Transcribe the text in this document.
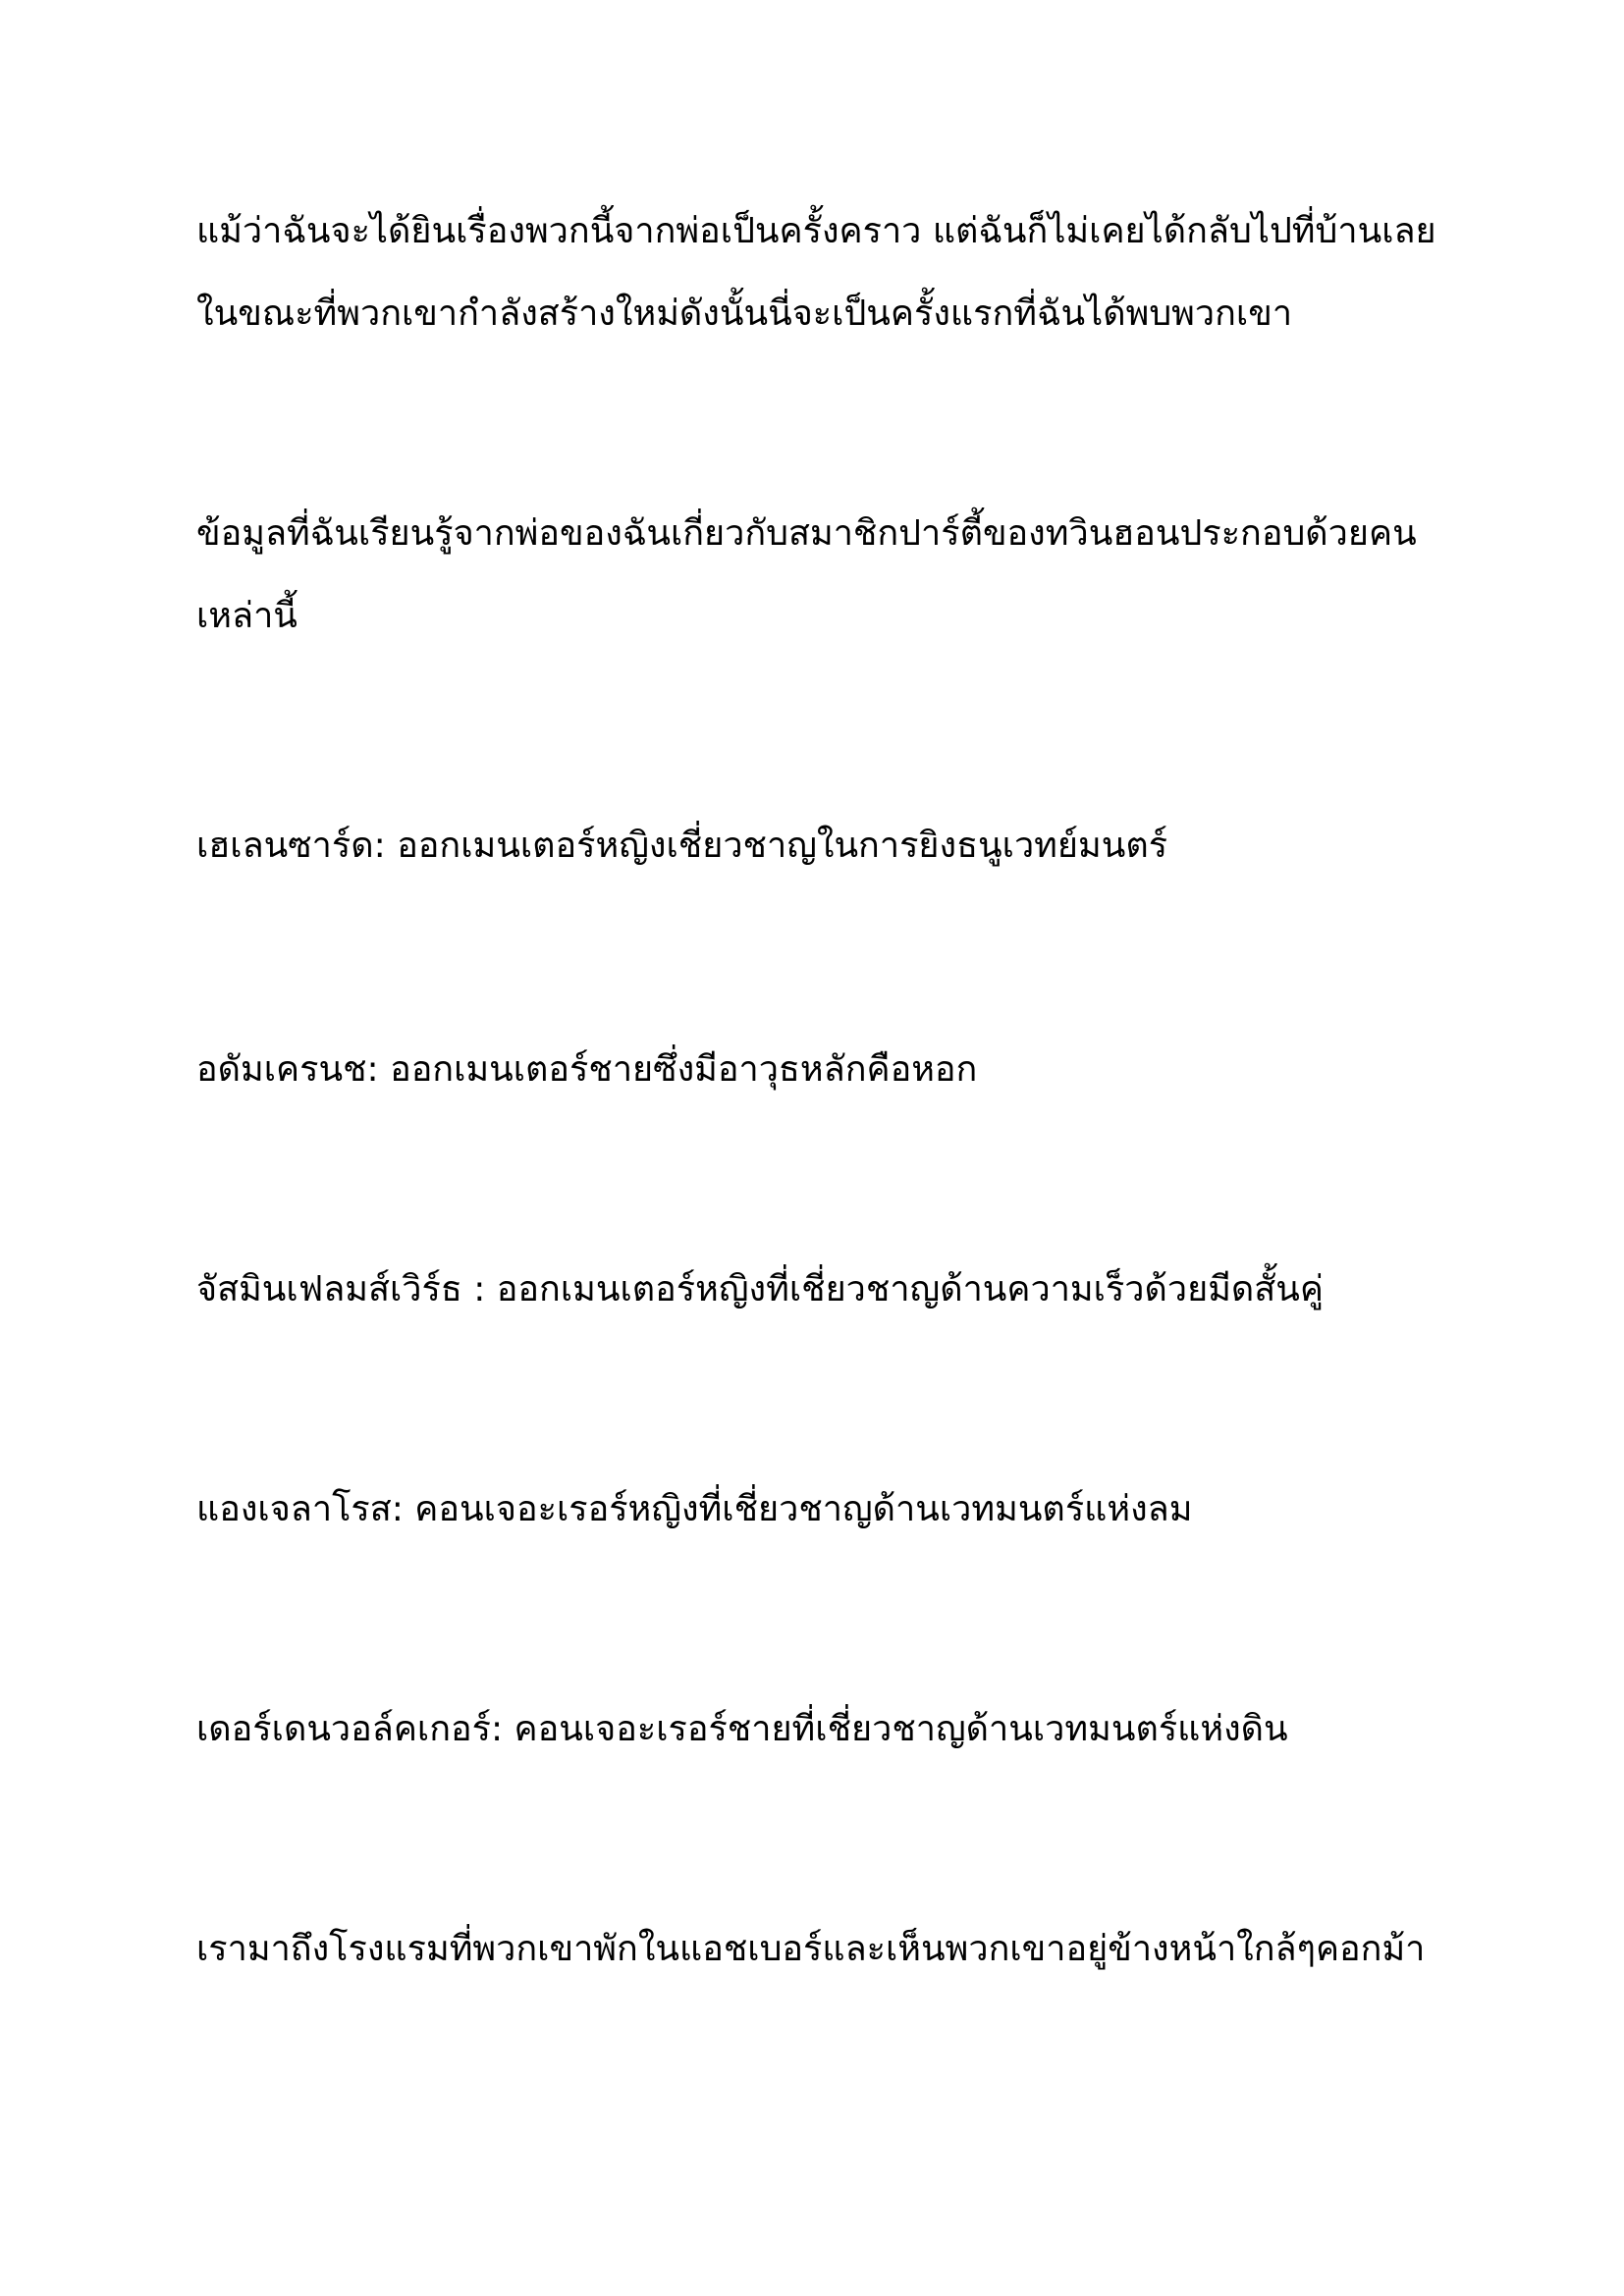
แม้ว่าฉันจะได้ยินเรื่องพวกนี้จากพ่อเป็นครั้งคราว แต่ฉันก็ไม่เคยได้กลับไปที่บ้านเลย
ในขณะที่พวกเขากำลังสร้างใหม่ดังนั้นนี่จะเป็นครั้งแรกที่ฉันได้พบพวกเขา

ข้อมูลที่ฉันเรียนรู้จากพ่อของฉันเกี่ยวกับสมาชิกปาร์ตี้ของทวินฮอนประกอบด้วยคน
เหล่านี้

เฮเลนซาร์ด: ออกเมนเตอร์หญิงเชี่ยวชาญในการยิงธนูเวทย์มนตร์

อดัมเครนช: ออกเมนเตอร์ชายซึ่งมีอาวุธหลักคือหอก

จัสมินเฟลมส์เวิร์ธ : ออกเมนเตอร์หญิงที่เชี่ยวชาญด้านความเร็วด้วยมีดสั้นคู่

แองเจลาโรส: คอนเจอะเรอร์หญิงที่เชี่ยวชาญด้านเวทมนตร์แห่งลม

เดอร์เดนวอล์คเกอร์: คอนเจอะเรอร์ชายที่เชี่ยวชาญด้านเวทมนตร์แห่งดิน

เรามาถึงโรงแรมที่พวกเขาพักในแอชเบอร์และเห็นพวกเขาอยู่ข้างหน้าใกล้ๆคอกม้า
